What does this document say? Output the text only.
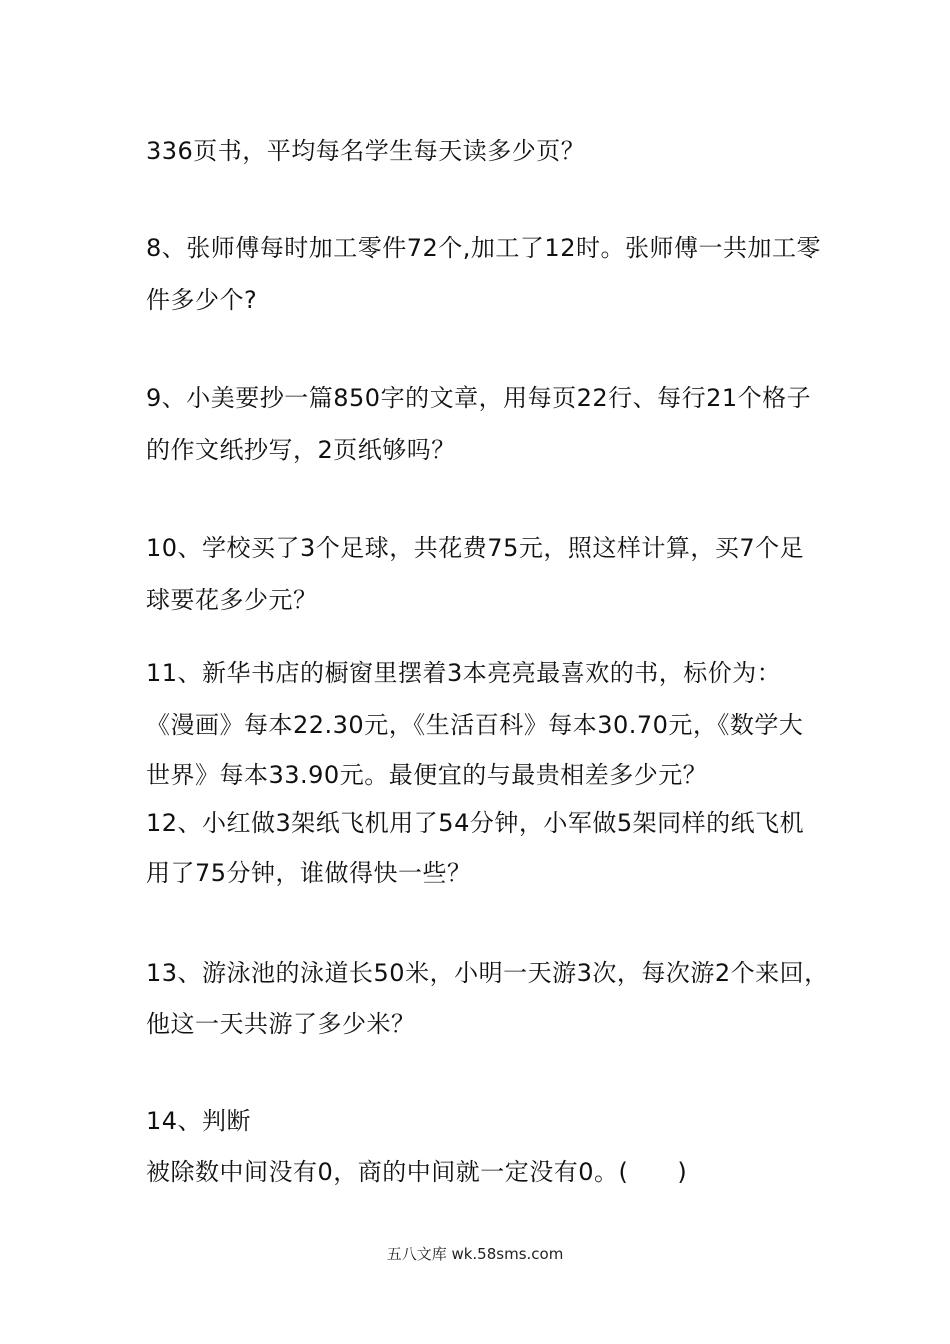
336页书，平均每名学生每天读多少页？
8、张师傅每时加工零件72个,加工了12时。张师傅一共加工零
件多少个?
9、小美要抄一篇850字的文章，用每页22行、每行21个格子
的作文纸抄写，2页纸够吗？
10、学校买了3个足球，共花费75元，照这样计算，买7个足
球要花多少元？
11、新华书店的橱窗里摆着3本亮亮最喜欢的书，标价为：
《漫画》每本22.30元，《生活百科》每本30.70元，《数学大
世界》每本33.90元。最便宜的与最贵相差多少元？
12、小红做3架纸飞机用了54分钟，小军做5架同样的纸飞机
用了75分钟，谁做得快一些？
13、游泳池的泳道长50米，小明一天游3次，每次游2个来回，
他这一天共游了多少米？
14、判断
被除数中间没有0，商的中间就一定没有0。(　　)
五八文库 wk.58sms.com
